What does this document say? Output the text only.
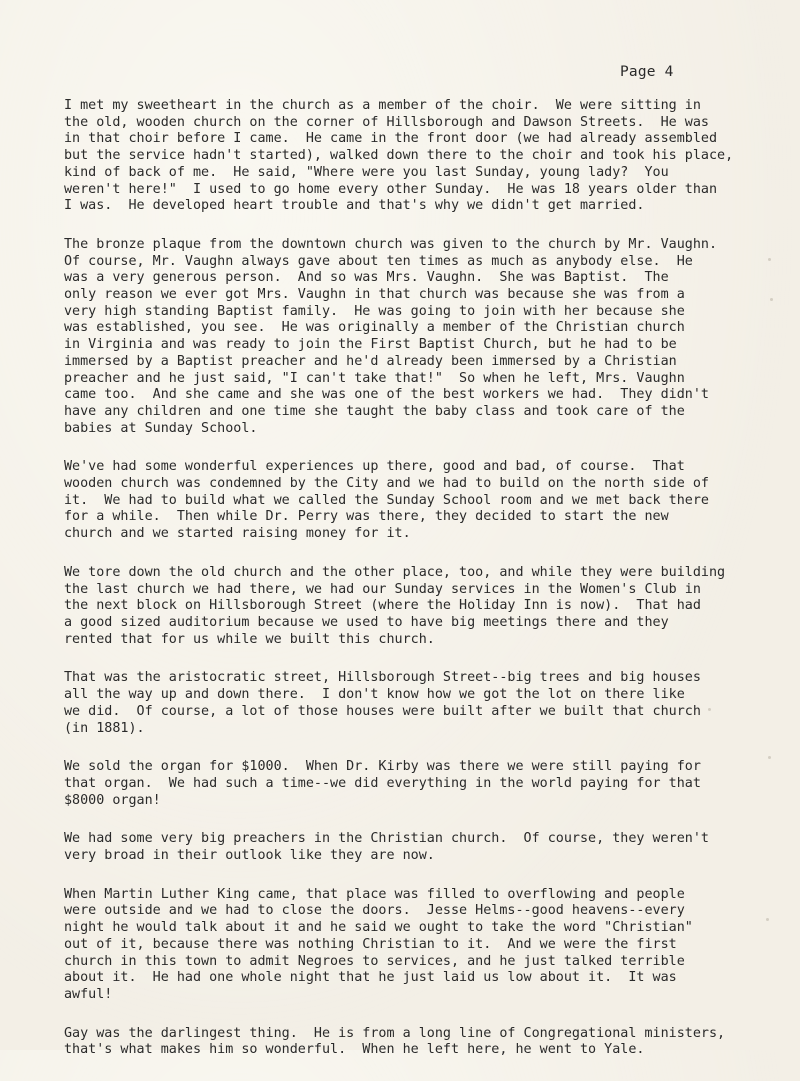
Page 4

I met my sweetheart in the church as a member of the choir.  We were sitting in
the old, wooden church on the corner of Hillsborough and Dawson Streets.  He was
in that choir before I came.  He came in the front door (we had already assembled
but the service hadn't started), walked down there to the choir and took his place,
kind of back of me.  He said, "Where were you last Sunday, young lady?  You
weren't here!"  I used to go home every other Sunday.  He was 18 years older than
I was.  He developed heart trouble and that's why we didn't get married.

The bronze plaque from the downtown church was given to the church by Mr. Vaughn.
Of course, Mr. Vaughn always gave about ten times as much as anybody else.  He
was a very generous person.  And so was Mrs. Vaughn.  She was Baptist.  The
only reason we ever got Mrs. Vaughn in that church was because she was from a
very high standing Baptist family.  He was going to join with her because she
was established, you see.  He was originally a member of the Christian church
in Virginia and was ready to join the First Baptist Church, but he had to be
immersed by a Baptist preacher and he'd already been immersed by a Christian
preacher and he just said, "I can't take that!"  So when he left, Mrs. Vaughn
came too.  And she came and she was one of the best workers we had.  They didn't
have any children and one time she taught the baby class and took care of the
babies at Sunday School.

We've had some wonderful experiences up there, good and bad, of course.  That
wooden church was condemned by the City and we had to build on the north side of
it.  We had to build what we called the Sunday School room and we met back there
for a while.  Then while Dr. Perry was there, they decided to start the new
church and we started raising money for it.

We tore down the old church and the other place, too, and while they were building
the last church we had there, we had our Sunday services in the Women's Club in
the next block on Hillsborough Street (where the Holiday Inn is now).  That had
a good sized auditorium because we used to have big meetings there and they
rented that for us while we built this church.

That was the aristocratic street, Hillsborough Street--big trees and big houses
all the way up and down there.  I don't know how we got the lot on there like
we did.  Of course, a lot of those houses were built after we built that church
(in 1881).

We sold the organ for $1000.  When Dr. Kirby was there we were still paying for
that organ.  We had such a time--we did everything in the world paying for that
$8000 organ!

We had some very big preachers in the Christian church.  Of course, they weren't
very broad in their outlook like they are now.

When Martin Luther King came, that place was filled to overflowing and people
were outside and we had to close the doors.  Jesse Helms--good heavens--every
night he would talk about it and he said we ought to take the word "Christian"
out of it, because there was nothing Christian to it.  And we were the first
church in this town to admit Negroes to services, and he just talked terrible
about it.  He had one whole night that he just laid us low about it.  It was
awful!

Gay was the darlingest thing.  He is from a long line of Congregational ministers,
that's what makes him so wonderful.  When he left here, he went to Yale.
